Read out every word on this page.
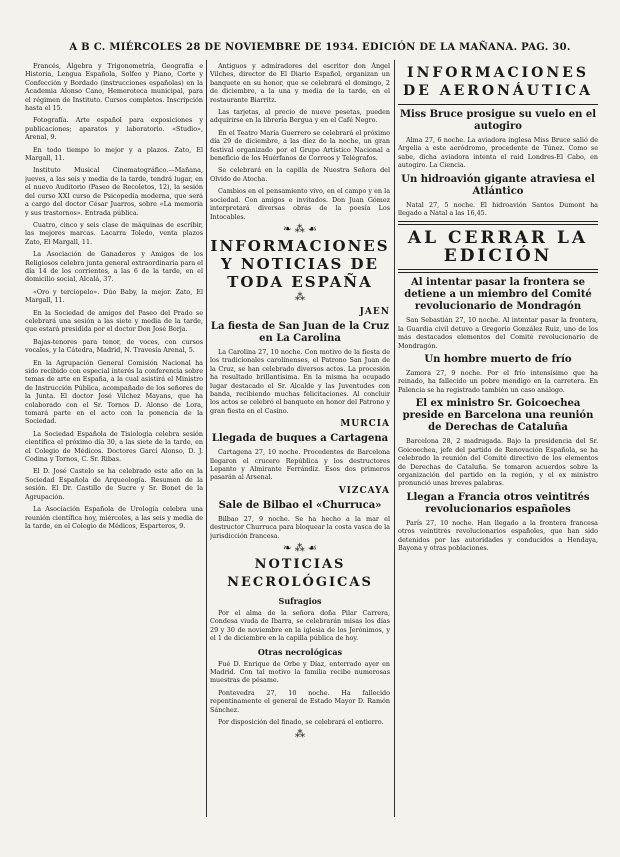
A B C. MIÉRCOLES 28 DE NOVIEMBRE DE 1934. EDICIÓN DE LA MAÑANA. PAG. 30.

Francés, Álgebra y Trigonometría, Geografía e Historia, Lengua Española, Solfeo y Piano, Corte y Confección y Bordado (instrucciones españolas) en la Academia Alonso Cano, Hemeroteca municipal, para el régimen de Instituto. Cursos completos. Inscripción hasta el 15.

Fotografía. Arte español para exposiciones y publicaciones; aparatos y laboratorio. «Studio», Arenal, 9.

En todo tiempo lo mejor y a plazos. Zato, El Margall, 11.

Instituto Musical Cinematográfico.—Mañana, jueves, a las seis y media de la tarde, tendrá lugar, en el nuevo Auditorio (Paseo de Recoletos, 12), la sesión del curso XXI curso de Psicopedia moderna, que será a cargo del doctor César Juarros, sobre «La memoria y sus trastornos». Entrada pública.

Cuatro, cinco y seis clase de máquinas de escribir, las mejores marcas. Lacarra Toledo, venta plazos Zato, El Margall, 11.

La Asociación de Ganaderos y Amigos de los Religiosos celebra junta general extraordinaria para el día 14 de los corrientes, a las 6 de la tarde, en el domicilio social, Alcalá, 37.

«Oro y terciopelo». Dúo Baby, la mejor. Zato, El Margall, 11.

En la Sociedad de amigos del Paseo del Prado se celebrará una sesión a las siete y media de la tarde, que estará presidida por el doctor Don José Borja.

Bajas-tenores para tenor, de voces, con cursos vocales, y la Cátedra, Madrid, N. Travesía Arenal, 5.

En la Agrupación General Comisión Nacional ha sido recibido con especial interés la conferencia sobre temas de arte en España, a la cual asistirá el Ministro de Instrucción Pública, acompañado de los señores de la Junta. El doctor José Vilchez Mayans, que ha colaborado con el Sr. Tornos D. Alonso de Lora, tomará parte en el acto con la ponencia de la Sociedad.

La Sociedad Española de Tisiología celebra sesión científica el próximo día 30, a las siete de la tarde, en el Colegio de Médicos. Doctores Garcí Alonso, D. J. Codina y Tornos, C. Sr. Ribas.

El D. José Castelo se ha celebrado este año en la Sociedad Española de Arqueología. Resumen de la sesión. El Dr. Castillo de Sucre y Sr. Bonet de la Agrupación.

La Asociación Española de Urología celebra una reunión científica hoy, miércoles, a las seis y media de la tarde, en el Colegio de Médicos, Esparteros, 9.

Antiguos y admiradores del escritor don Ángel Vilches, director de El Diario Español, organizan un banquete en su honor, que se celebrará el domingo, 2 de diciembre, a la una y media de la tarde, en el restaurante Biarritz.

Las tarjetas, al precio de nueve pesetas, pueden adquirirse en la librería Bergua y en el Café Negro.

En el Teatro María Guerrero se celebrará el próximo día 29 de diciembre, a las diez de la noche, un gran festival organizado por el Grupo Artístico Nacional a beneficio de los Huérfanos de Correos y Telégrafos.

Se celebrará en la capilla de Nuestra Señora del Olvido de Atocha.

Cambios en el pensamiento vivo, en el campo y en la sociedad. Con amigos e invitados. Don Juan Gómez interpretará diversas obras de la poesía Los Intocables.

❧ ⁂ ☙
INFORMACIONES Y NOTICIAS DE TODA ESPAÑA
⁂
JAEN
La fiesta de San Juan de la Cruz en La Carolina

La Carolina 27, 10 noche. Con motivo de la fiesta de los tradicionales carolinenses, el Patrono San Juan de la Cruz, se han celebrado diversos actos. La procesión ha resultado brillantísima. En la misma ha ocupado lugar destacado el Sr. Alcalde y las Juventudes con banda, recibiendo muchas felicitaciones. Al concluir los actos se celebró el banquete en honor del Patrono y gran fiesta en el Casino.

MURCIA
Llegada de buques a Cartagena

Cartagena 27, 10 noche. Procedentes de Barcelona llegaron el crucero República y los destructores Lepanto y Almirante Ferrándiz. Esos dos primeros pasarán al Arsenal.

VIZCAYA
Sale de Bilbao el «Churruca»

Bilbao 27, 9 noche. Se ha hecho a la mar el destructor Churruca para bloquear la costa vasca de la jurisdicción francesa.

❧ ⁂ ☙
NOTICIAS NECROLÓGICAS
Sufragios

Por el alma de la señora doña Pilar Carrera, Condesa viuda de Ibarra, se celebrarán misas los días 29 y 30 de noviembre en la iglesia de los Jerónimos, y el 1 de diciembre en la capilla pública de hoy.

Otras necrológicas

Fué D. Enrique de Orbe y Díaz, enterrado ayer en Madrid. Con tal motivo la familia recibe numerosas muestras de pésame.

Pontevedra 27, 10 noche. Ha fallecido repentinamente el general de Estado Mayor D. Ramón Sánchez.

Por disposición del finado, se celebrará el entierro.

⁂
INFORMACIONES DE AERONÁUTICA
Miss Bruce prosigue su vuelo en el autogiro

Alma 27, 6 noche. La aviadora inglesa Miss Bruce salió de Argelia a este aeródromo, procedente de Túnez. Como se sabe, dicha aviadora intenta el raid Londres-El Cabo, en autogiro. La Ciencia.

Un hidroavión gigante atraviesa el Atlántico

Natal 27, 5 noche. El hidroavión Santos Dumont ha llegado a Natal a las 16,45.

AL CERRAR LA EDICIÓN
Al intentar pasar la frontera se detiene a un miembro del Comité revolucionario de Mondragón

San Sebastián 27, 10 noche. Al intentar pasar la frontera, la Guardia civil detuvo a Gregorio González Ruiz, uno de los más destacados elementos del Comité revolucionario de Mondragón.

Un hombre muerto de frío

Zamora 27, 9 noche. Por el frío intensísimo que ha reinado, ha fallecido un pobre mendigo en la carretera. En Palencia se ha registrado también un caso análogo.

El ex ministro Sr. Goicoechea preside en Barcelona una reunión de Derechas de Cataluña

Barcelona 28, 2 madrugada. Bajo la presidencia del Sr. Goicoechea, jefe del partido de Renovación Española, se ha celebrado la reunión del Comité directivo de los elementos de Derechas de Cataluña. Se tomaron acuerdos sobre la organización del partido en la región, y el ex ministro pronunció unas breves palabras.

Llegan a Francia otros veintitrés revolucionarios españoles

París 27, 10 noche. Han llegado a la frontera francesa otros veintitrés revolucionarios españoles, que han sido detenidos por las autoridades y conducidos a Hendaya, Bayona y otras poblaciones.
